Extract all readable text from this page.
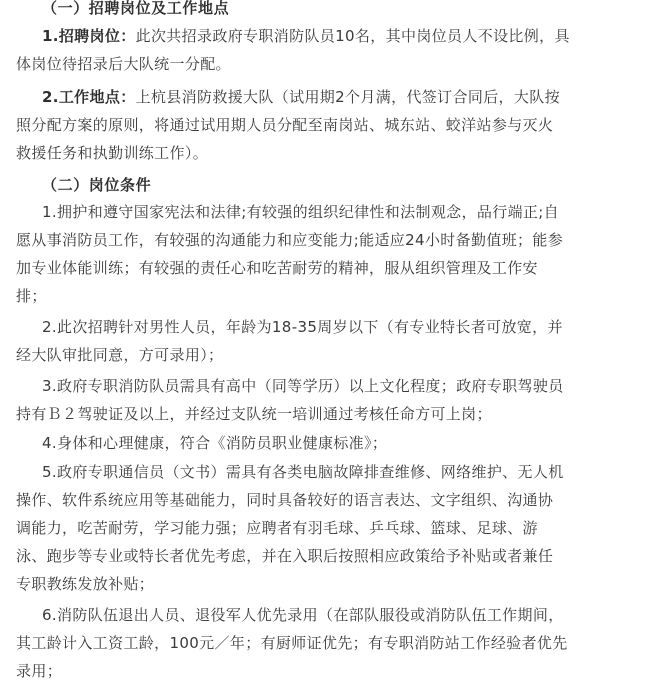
（一）招聘岗位及工作地点
1.招聘岗位：此次共招录政府专职消防队员10名，其中岗位员人不设比例，具
体岗位待招录后大队统一分配。
2.工作地点：上杭县消防救援大队（试用期2个月满，代签订合同后，大队按
照分配方案的原则，将通过试用期人员分配至南岗站、城东站、蛟洋站参与灭火
救援任务和执勤训练工作）。
（二）岗位条件
1.拥护和遵守国家宪法和法律;有较强的组织纪律性和法制观念，品行端正;自
愿从事消防员工作，有较强的沟通能力和应变能力;能适应24小时备勤值班；能参
加专业体能训练；有较强的责任心和吃苦耐劳的精神，服从组织管理及工作安
排；
2.此次招聘针对男性人员，年龄为18-35周岁以下（有专业特长者可放宽，并
经大队审批同意，方可录用）；
3.政府专职消防队员需具有高中（同等学历）以上文化程度；政府专职驾驶员
持有Ｂ２驾驶证及以上，并经过支队统一培训通过考核任命方可上岗；
4.身体和心理健康，符合《消防员职业健康标准》；
5.政府专职通信员（文书）需具有各类电脑故障排查维修、网络维护、无人机
操作、软件系统应用等基础能力，同时具备较好的语言表达、文字组织、沟通协
调能力，吃苦耐劳，学习能力强；应聘者有羽毛球、乒乓球、篮球、足球、游
泳、跑步等专业或特长者优先考虑，并在入职后按照相应政策给予补贴或者兼任
专职教练发放补贴；
6.消防队伍退出人员、退役军人优先录用（在部队服役或消防队伍工作期间，
其工龄计入工资工龄，100元／年；有厨师证优先；有专职消防站工作经验者优先
录用；
